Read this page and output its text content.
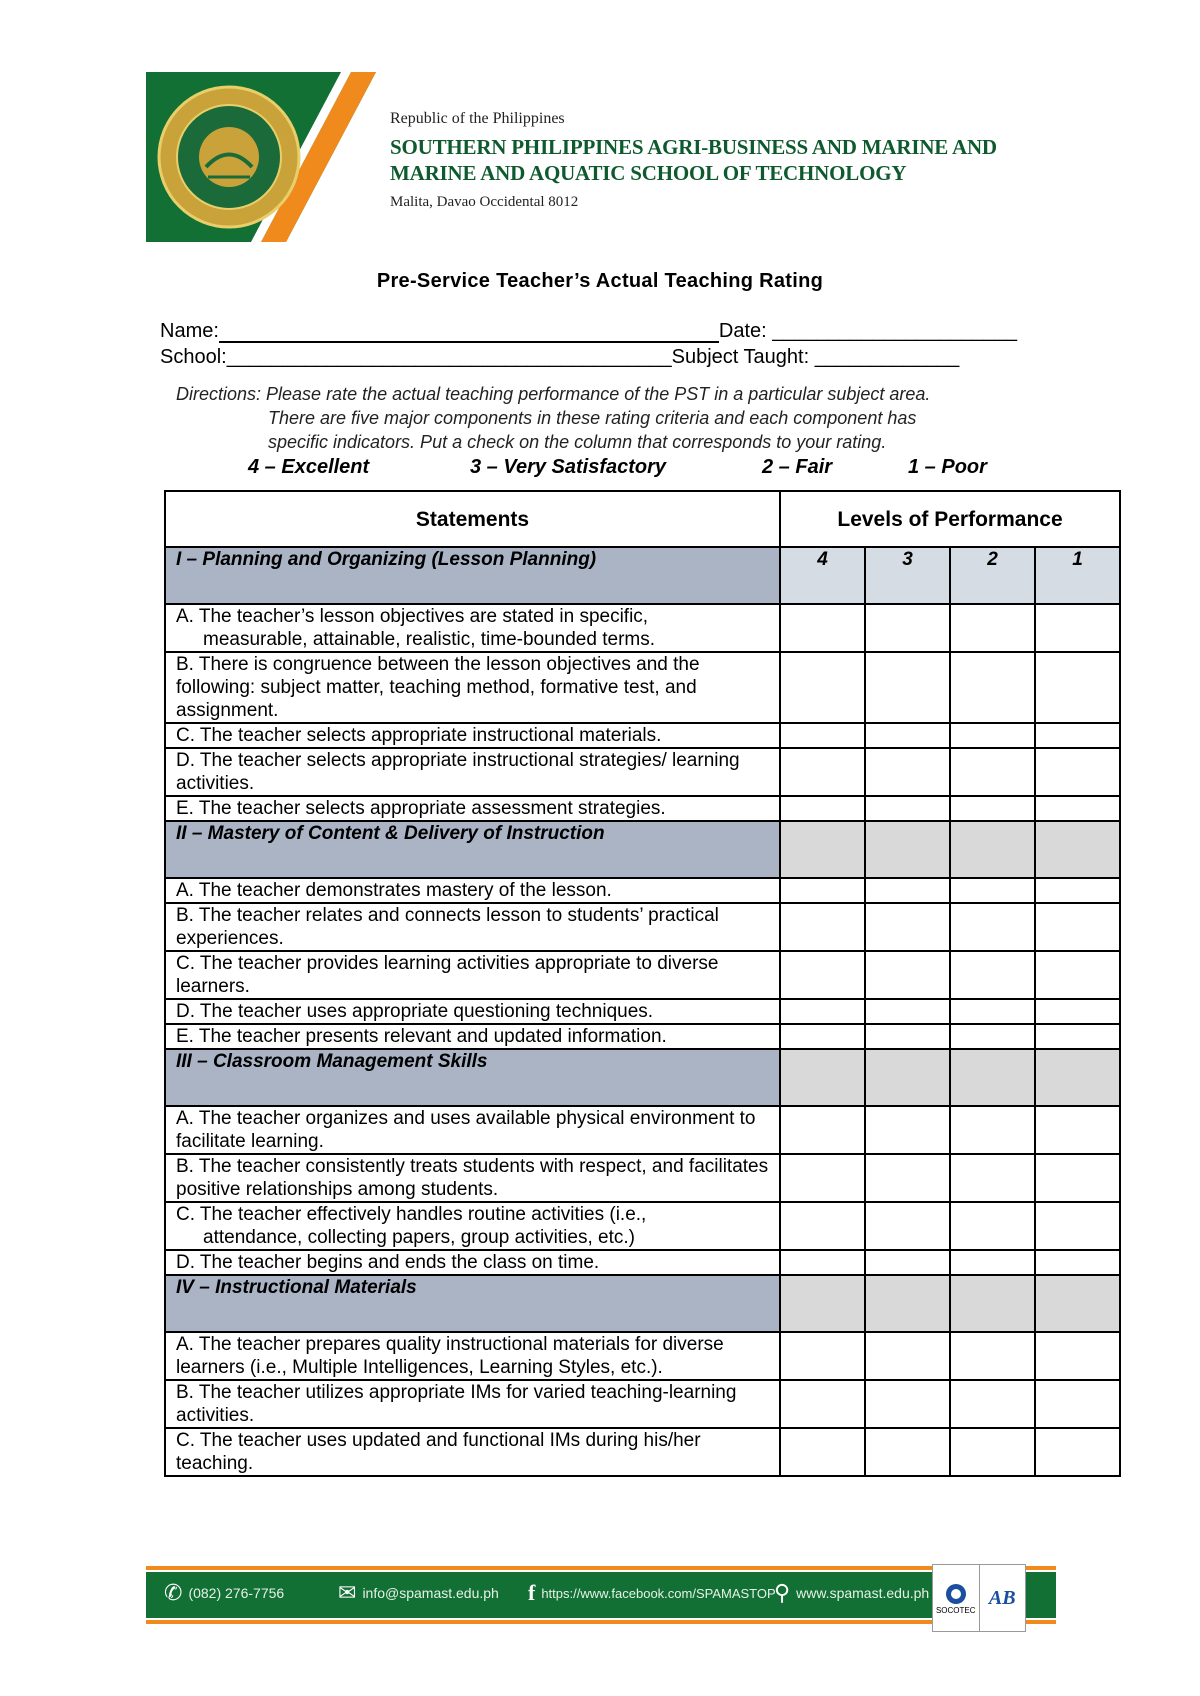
Republic of the Philippines
SOUTHERN PHILIPPINES AGRI-BUSINESS AND MARINE AND
MARINE AND AQUATIC SCHOOL OF TECHNOLOGY
Malita, Davao Occidental 8012
Pre-Service Teacher’s Actual Teaching Rating
Name:	Date: ______________________
School:________________________________________Subject Taught: _____________
Directions: Please rate the actual teaching performance of the PST in a particular subject area.
There are five major components in these rating criteria and each component has
specific indicators. Put a check on the column that corresponds to your rating.
4 – Excellent	3 – Very Satisfactory	2 – Fair	1 – Poor
Statements	Levels of Performance			
I – Planning and Organizing (Lesson Planning)	4	3	2	1
A. The teacher’s lesson objectives are stated in specific,
measurable, attainable, realistic, time-bounded terms.				
B. There is congruence between the lesson objectives and the following: subject matter, teaching method, formative test, and assignment.				
C. The teacher selects appropriate instructional materials.				
D. The teacher selects appropriate instructional strategies/ learning activities.				
E. The teacher selects appropriate assessment strategies.				
II – Mastery of Content & Delivery of Instruction				
A. The teacher demonstrates mastery of the lesson.				
B. The teacher relates and connects lesson to students’ practical experiences.				
C. The teacher provides learning activities appropriate to diverse learners.				
D. The teacher uses appropriate questioning techniques.				
E. The teacher presents relevant and updated information.				
III – Classroom Management Skills				
A. The teacher organizes and uses available physical environment to facilitate learning.				
B. The teacher consistently treats students with respect, and facilitates positive relationships among students.				
C. The teacher effectively handles routine activities (i.e.,
attendance, collecting papers, group activities, etc.)				
D. The teacher begins and ends the class on time.				
IV – Instructional Materials				
A. The teacher prepares quality instructional materials for diverse learners (i.e., Multiple Intelligences, Learning Styles, etc.).				
B. The teacher utilizes appropriate IMs for varied teaching-learning activities.				
C. The teacher uses updated and functional IMs during his/her teaching.				
✆ (082) 276-7756 ✉ info@spamast.edu.ph f https://www.facebook.com/SPAMASTOP
⚲ www.spamast.edu.ph
SOCOTEC
AB
